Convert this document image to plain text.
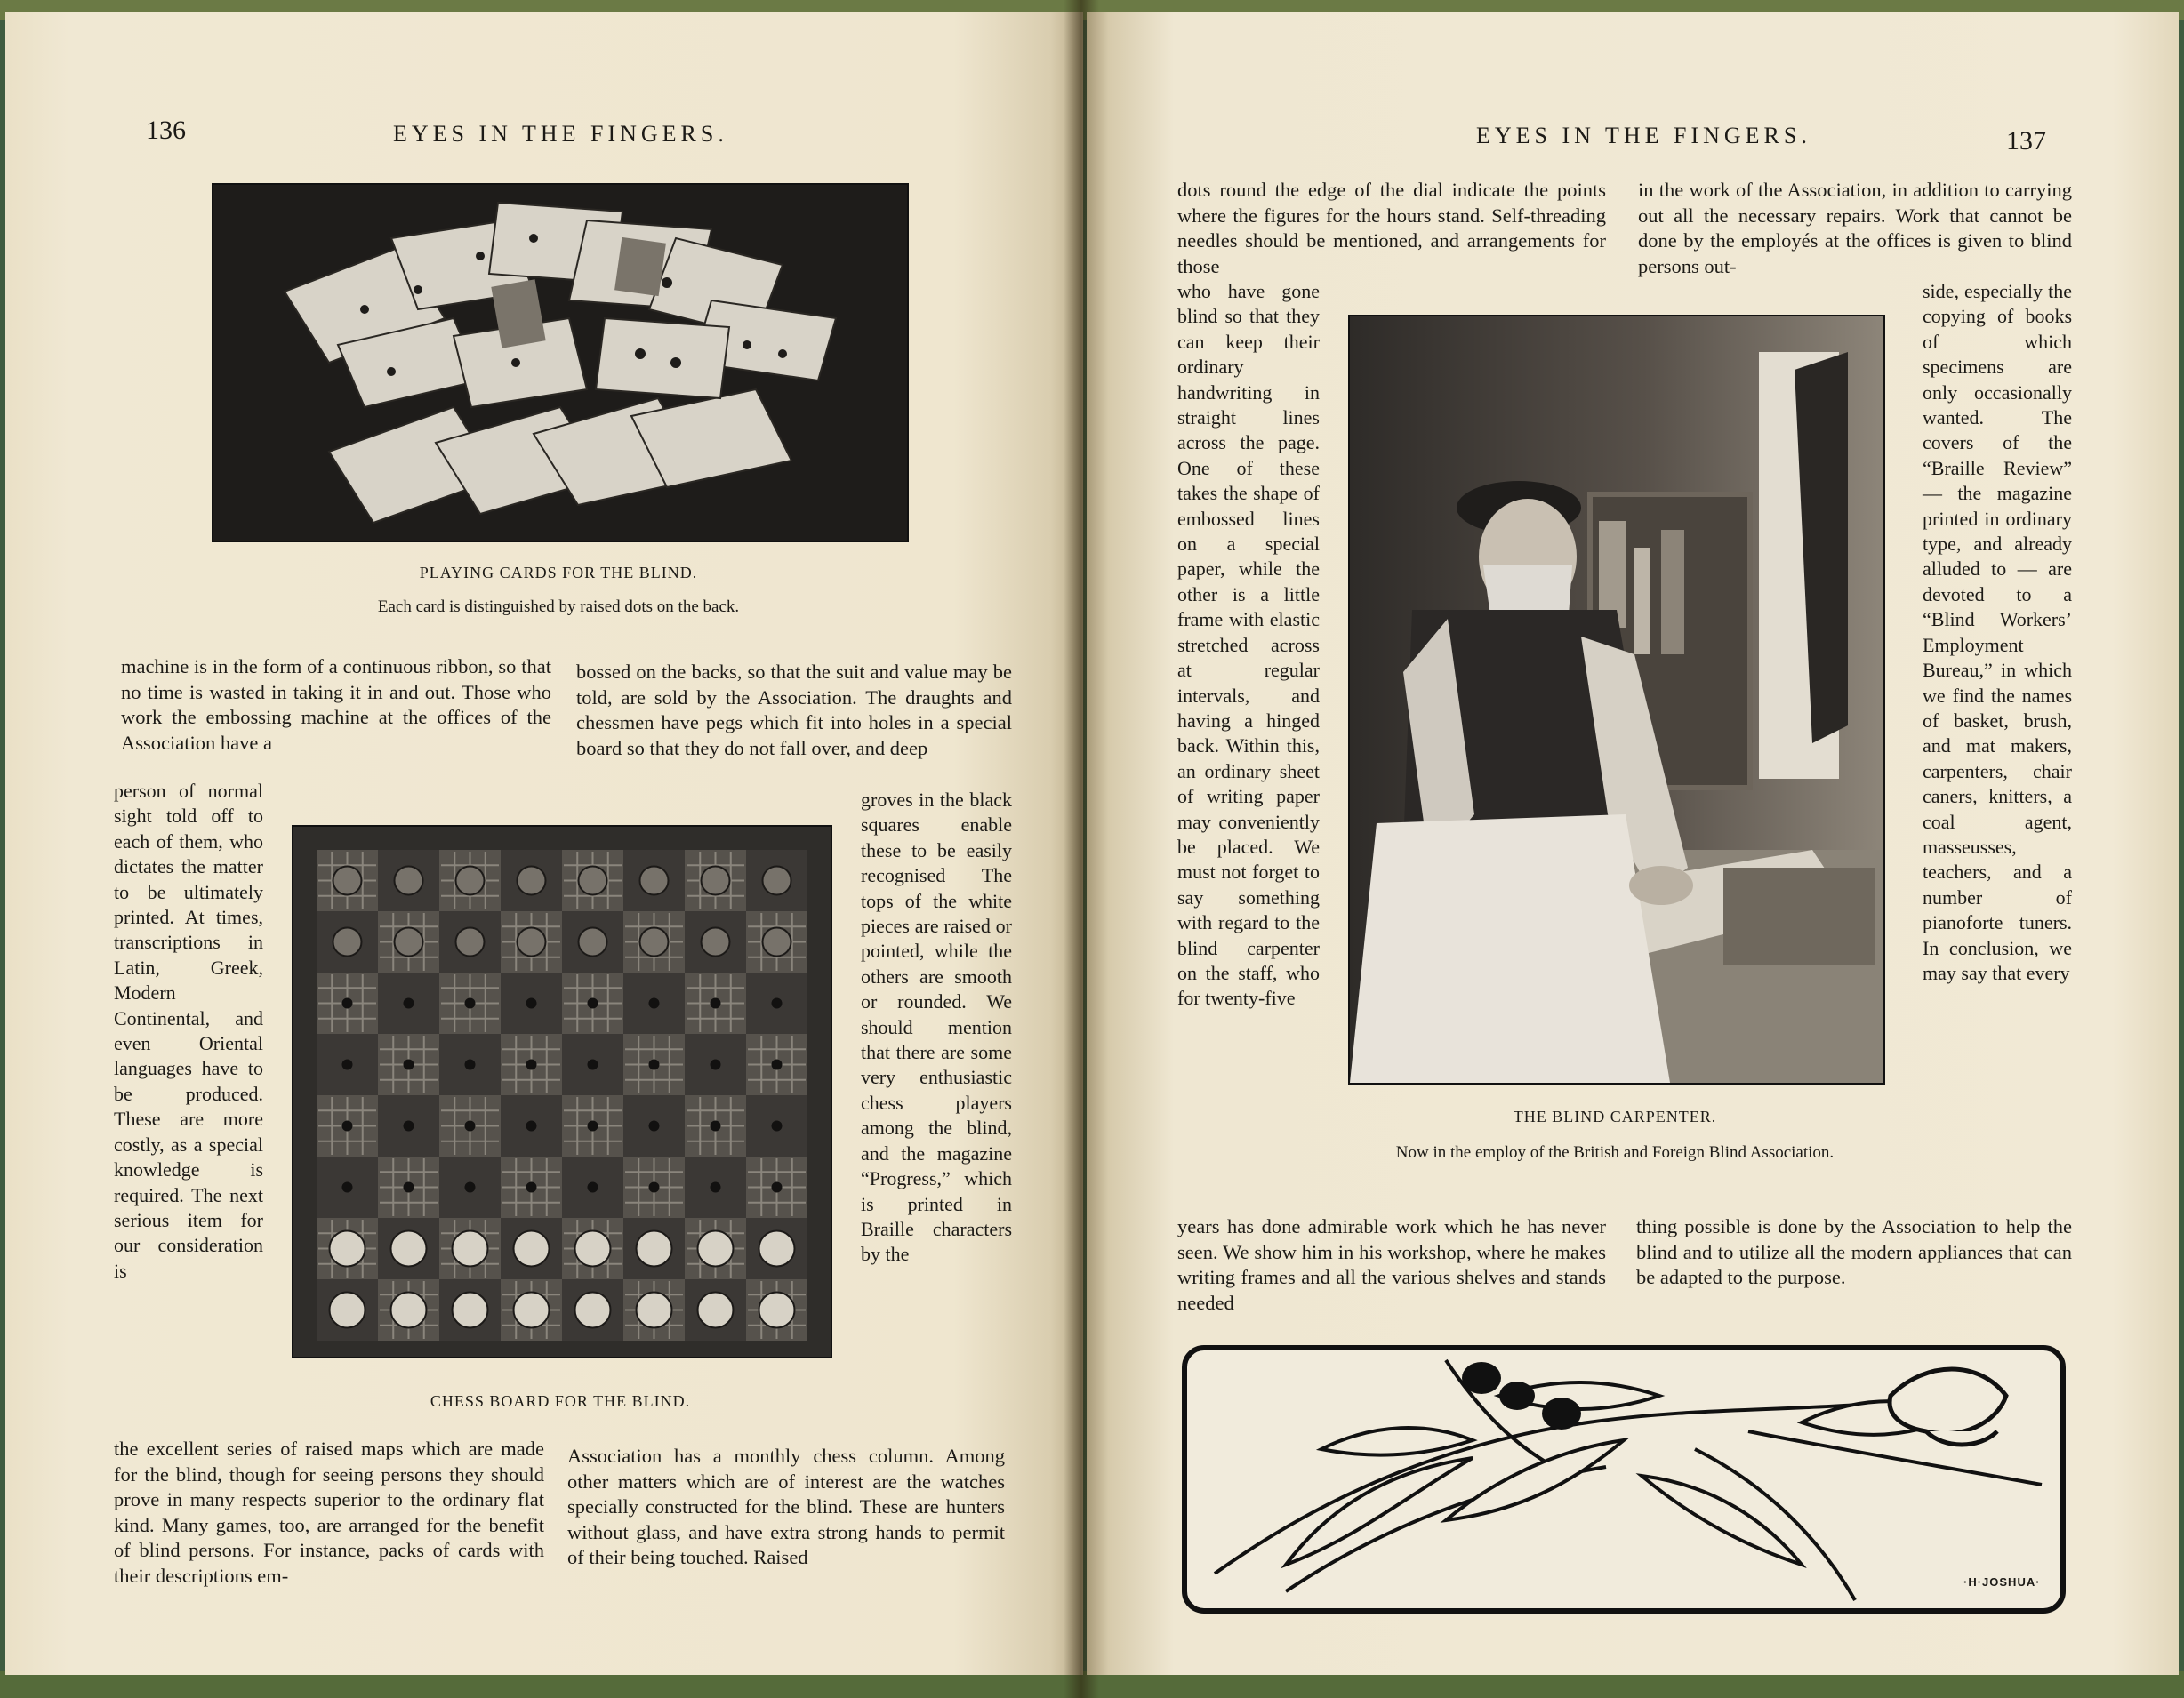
136	EYES IN THE FINGERS.
PLAYING CARDS FOR THE BLIND.
Each card is distinguished by raised dots on the back.

machine is in the form of a continuous ribbon, so that no time is wasted in taking it in and out. Those who work the embossing machine at the offices of the Association have a

person of normal sight told off to each of them, who dictates the matter to be ultimately printed. At times, transcriptions in Latin, Greek, Modern Continental, and even Oriental languages have to be produced. These are more costly, as a special knowledge is required. The next serious item for our consideration is

the excellent series of raised maps which are made for the blind, though for seeing persons they should prove in many respects superior to the ordinary flat kind. Many games, too, are arranged for the benefit of blind persons. For instance, packs of cards with their descriptions em-

bossed on the backs, so that the suit and value may be told, are sold by the Association. The draughts and chessmen have pegs which fit into holes in a special board so that they do not fall over, and deep

groves in the black squares enable these to be easily recognised The tops of the white pieces are raised or pointed, while the others are smooth or rounded. We should mention that there are some very enthusiastic chess players among the blind, and the magazine “Progress,” which is printed in Braille characters by the

Association has a monthly chess column. Among other matters which are of interest are the watches specially constructed for the blind. These are hunters without glass, and have extra strong hands to permit of their being touched. Raised

CHESS BOARD FOR THE BLIND.
EYES IN THE FINGERS.	137

dots round the edge of the dial indicate the points where the figures for the hours stand. Self-threading needles should be mentioned, and arrangements for those

who have gone blind so that they can keep their ordinary handwriting in straight lines across the page. One of these takes the shape of embossed lines on a special paper, while the other is a little frame with elastic stretched across at regular intervals, and having a hinged back. Within this, an ordinary sheet of writing paper may conveniently be placed. We must not forget to say something with regard to the blind carpenter on the staff, who for twenty-five

years has done admirable work which he has never seen. We show him in his workshop, where he makes writing frames and all the various shelves and stands needed

in the work of the Association, in addition to carrying out all the necessary repairs. Work that cannot be done by the employés at the offices is given to blind persons out-

side, especially the copying of books of which specimens are only occasionally wanted. The covers of the “Braille Review” — the magazine printed in ordinary type, and already alluded to — are devoted to a “Blind Workers’ Employment Bureau,” in which we find the names of basket, brush, and mat makers, carpenters, chair caners, knitters, a coal agent, masseusses, teachers, and a number of pianoforte tuners. In conclusion, we may say that every

thing possible is done by the Association to help the blind and to utilize all the modern appliances that can be adapted to the purpose.

THE BLIND CARPENTER.
Now in the employ of the British and Foreign Blind Association.
·H·JOSHUA·
